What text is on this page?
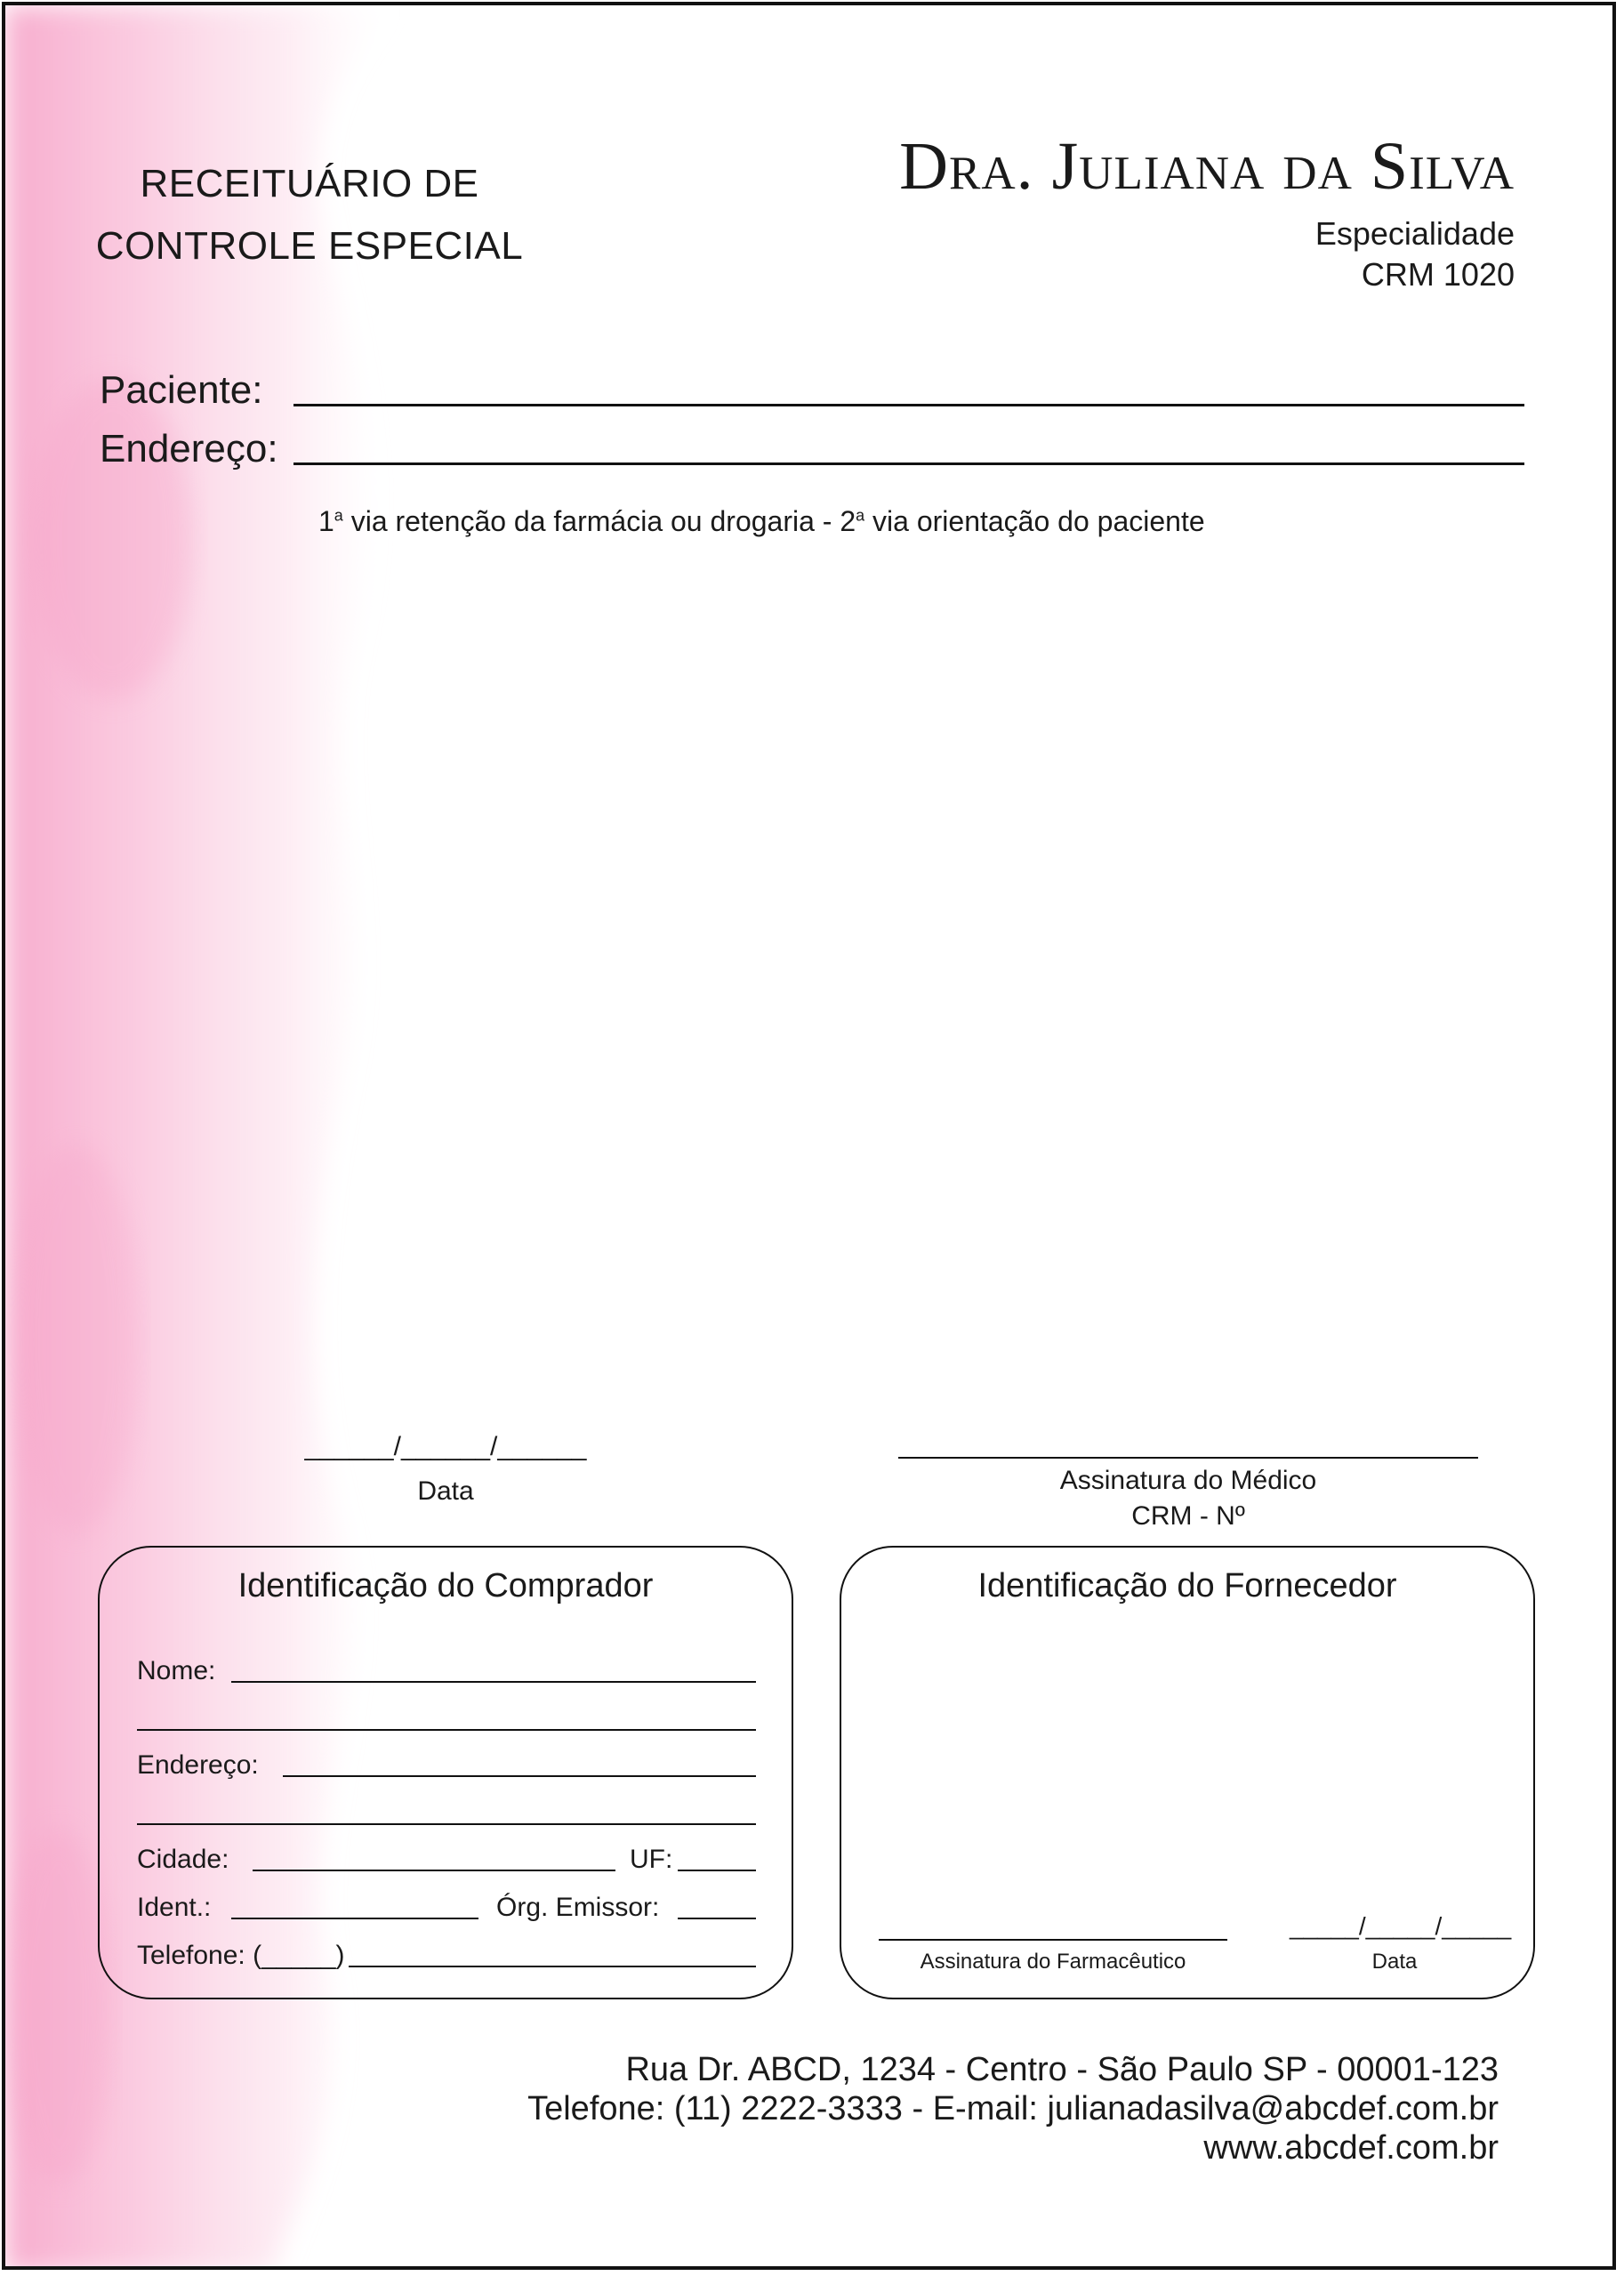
RECEITUÁRIO DE
CONTROLE ESPECIAL
Dra. Juliana da Silva
Especialidade
CRM 1020
Paciente:
Endereço:
1$^a$ via retenção da farmácia ou drogaria - 2$^a$ via orientação do paciente
______/______/______
Data	Assinatura do Médico
CRM - Nº
Identificação do Comprador
Nome:
Endereço:
Cidade:	UF:
Ident.:	Órg. Emissor:
Telefone: (_____)
Identificação do Fornecedor
Assinatura do Farmacêutico
_____/_____/_____
Data
Rua Dr. ABCD, 1234 - Centro - São Paulo SP - 00001-123
Telefone: (11) 2222-3333 - E-mail: julianadasilva@abcdef.com.br
www.abcdef.com.br
